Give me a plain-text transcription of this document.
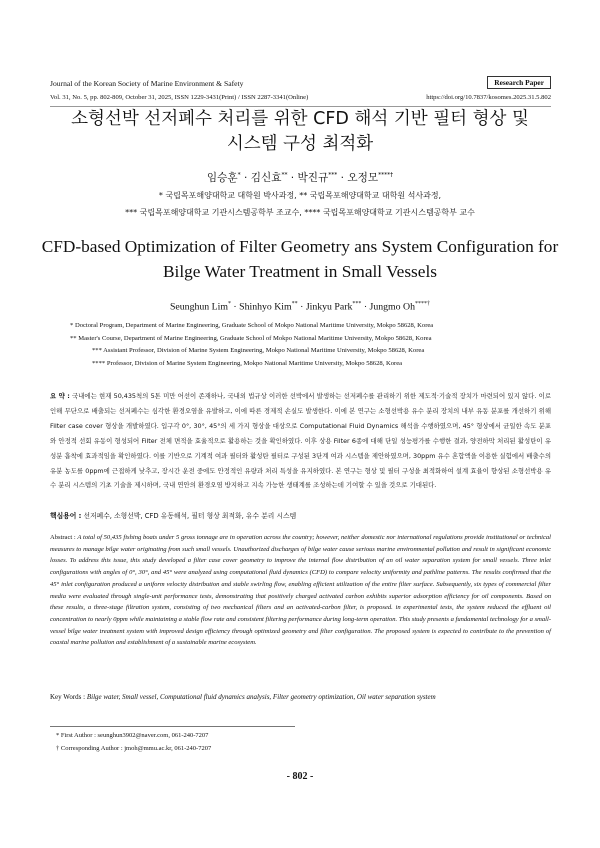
Journal of the Korean Society of Marine Environment & Safety
Vol. 31, No. 5, pp. 802-809, October 31, 2025, ISSN 1229-3431(Print) / ISSN 2287-3341(Online)
Research Paper
https://doi.org/10.7837/kosomes.2025.31.5.802
소형선박 선저폐수 처리를 위한 CFD 해석 기반 필터 형상 및
시스템 구성 최적화
임승훈* · 김신효** · 박진규*** · 오정모****†
* 국립목포해양대학교 대학원 박사과정, ** 국립목포해양대학교 대학원 석사과정,
*** 국립목포해양대학교 기관시스템공학부 조교수, **** 국립목포해양대학교 기관시스템공학부 교수
CFD-based Optimization of Filter Geometry ans System Configuration for
Bilge Water Treatment in Small Vessels
Seunghun Lim* · Shinhyo Kim** · Jinkyu Park*** · Jungmo Oh****†
* Doctoral Program, Department of Marine Engineering, Graduate School of Mokpo National Maritime University, Mokpo 58628, Korea
** Master's Course, Department of Marine Engineering, Graduate School of Mokpo National Maritime University, Mokpo 58628, Korea
*** Assistant Professor, Division of Marine System Engineering, Mokpo National Maritime University, Mokpo 58628, Korea
**** Professor, Division of Marine System Engineering, Mokpo National Maritime University, Mokpo 58628, Korea
요 약 : 국내에는 현재 50,435척의 5톤 미만 어선이 존재하나, 국내외 법규상 이러한 선박에서 발생하는 선저폐수를 관리하기 위한 제도적·기술적 장치가 마련되어 있지 않다. 이로 인해 무단으로 배출되는 선저폐수는 심각한 환경오염을 유발하고, 이에 따른 경제적 손실도 발생한다. 이에 본 연구는 소형선박용 유수 분리 장치의 내부 유동 분포를 개선하기 위해 Filter case cover 형상을 개발하였다. 입구각 0°, 30°, 45°의 세 가지 형상을 대상으로 Computational Fluid Dynamics 해석을 수행하였으며, 45° 형상에서 균일한 속도 분포와 안정적 선회 유동이 형성되어 Filter 전체 면적을 효율적으로 활용하는 것을 확인하였다. 이후 상용 Filter 6종에 대해 단일 성능평가를 수행한 결과, 양전하막 처리된 활성탄이 유성분 흡착에 효과적임을 확인하였다. 이를 기반으로 기계적 여과 필터와 활성탄 필터로 구성된 3단계 여과 시스템을 제안하였으며, 30ppm 유수 혼합액을 이용한 실험에서 배출수의 유분 농도를 0ppm에 근접하게 낮추고, 장시간 운전 중에도 안정적인 유량과 처리 특성을 유지하였다. 본 연구는 형상 및 필터 구성을 최적화하여 설계 효율이 향상된 소형선박용 유수 분리 시스템의 기초 기술을 제시하며, 국내 연안의 환경오염 방지하고 지속 가능한 생태계를 조성하는데 기여할 수 있을 것으로 기대된다.
핵심용어 : 선저폐수, 소형선박, CFD 유동해석, 필터 형상 최적화, 유수 분리 시스템
Abstract : A total of 50,435 fishing boats under 5 gross tonnage are in operation across the country; however, neither domestic nor international regulations provide institutional or technical measures to manage bilge water originating from such small vessels. Unauthorized discharges of bilge water cause serious marine environmental pollution and result in significant economic losses. To address this issue, this study developed a filter case cover geometry to improve the internal flow distribution of an oil water separation system for small vessels. Three inlet configurations with angles of 0°, 30°, and 45° were analyzed using computational fluid dynamics (CFD) to compare velocity uniformity and pathline patterns. The results confirmed that the 45° inlet configuration produced a uniform velocity distribution and stable swirling flow, enabling efficient utilization of the entire filter surface. Subsequently, six types of commercial filter media were evaluated through single-unit performance tests, demonstrating that positively charged activated carbon exhibits superior adsorption efficiency for oil components. Based on these results, a three-stage filtration system, consisting of two mechanical filters and an activated-carbon filter, is proposed. in experimental tests, the system reduced the effluent oil concentration to nearly 0ppm while maintaining a stable flow rate and consistent filtering performance during long-term operation. This study presents a fundamental technology for a small-vessel bilge water treatment system with improved design efficiency through optimized geometry and filter configuration. The proposed system is expected to contribute to the prevention of coastal marine pollution and establishment of a sustainable marine ecosystem.
Key Words : Bilge water, Small vessel, Computational fluid dynamics analysis, Filter geometry optimization, Oil water separation system
* First Author : seunghun3902@naver.com, 061-240-7207
† Corresponding Author : jmoh@mmu.ac.kr, 061-240-7207
- 802 -
